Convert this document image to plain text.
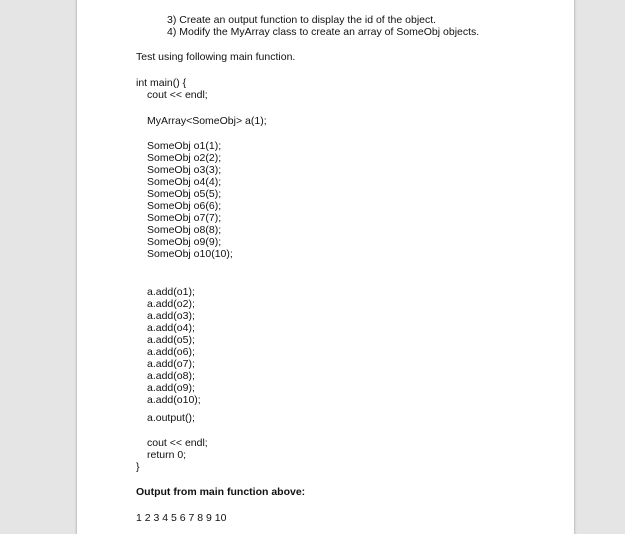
3) Create an output function to display the id of the object.
4) Modify the MyArray class to create an array of SomeObj objects.
Test using following main function.
int main() {
cout << endl;
MyArray<SomeObj> a(1);
SomeObj o1(1);
SomeObj o2(2);
SomeObj o3(3);
SomeObj o4(4);
SomeObj o5(5);
SomeObj o6(6);
SomeObj o7(7);
SomeObj o8(8);
SomeObj o9(9);
SomeObj o10(10);
a.add(o1);
a.add(o2);
a.add(o3);
a.add(o4);
a.add(o5);
a.add(o6);
a.add(o7);
a.add(o8);
a.add(o9);
a.add(o10);
a.output();
cout << endl;
return 0;
}
Output from main function above:
1 2 3 4 5 6 7 8 9 10
